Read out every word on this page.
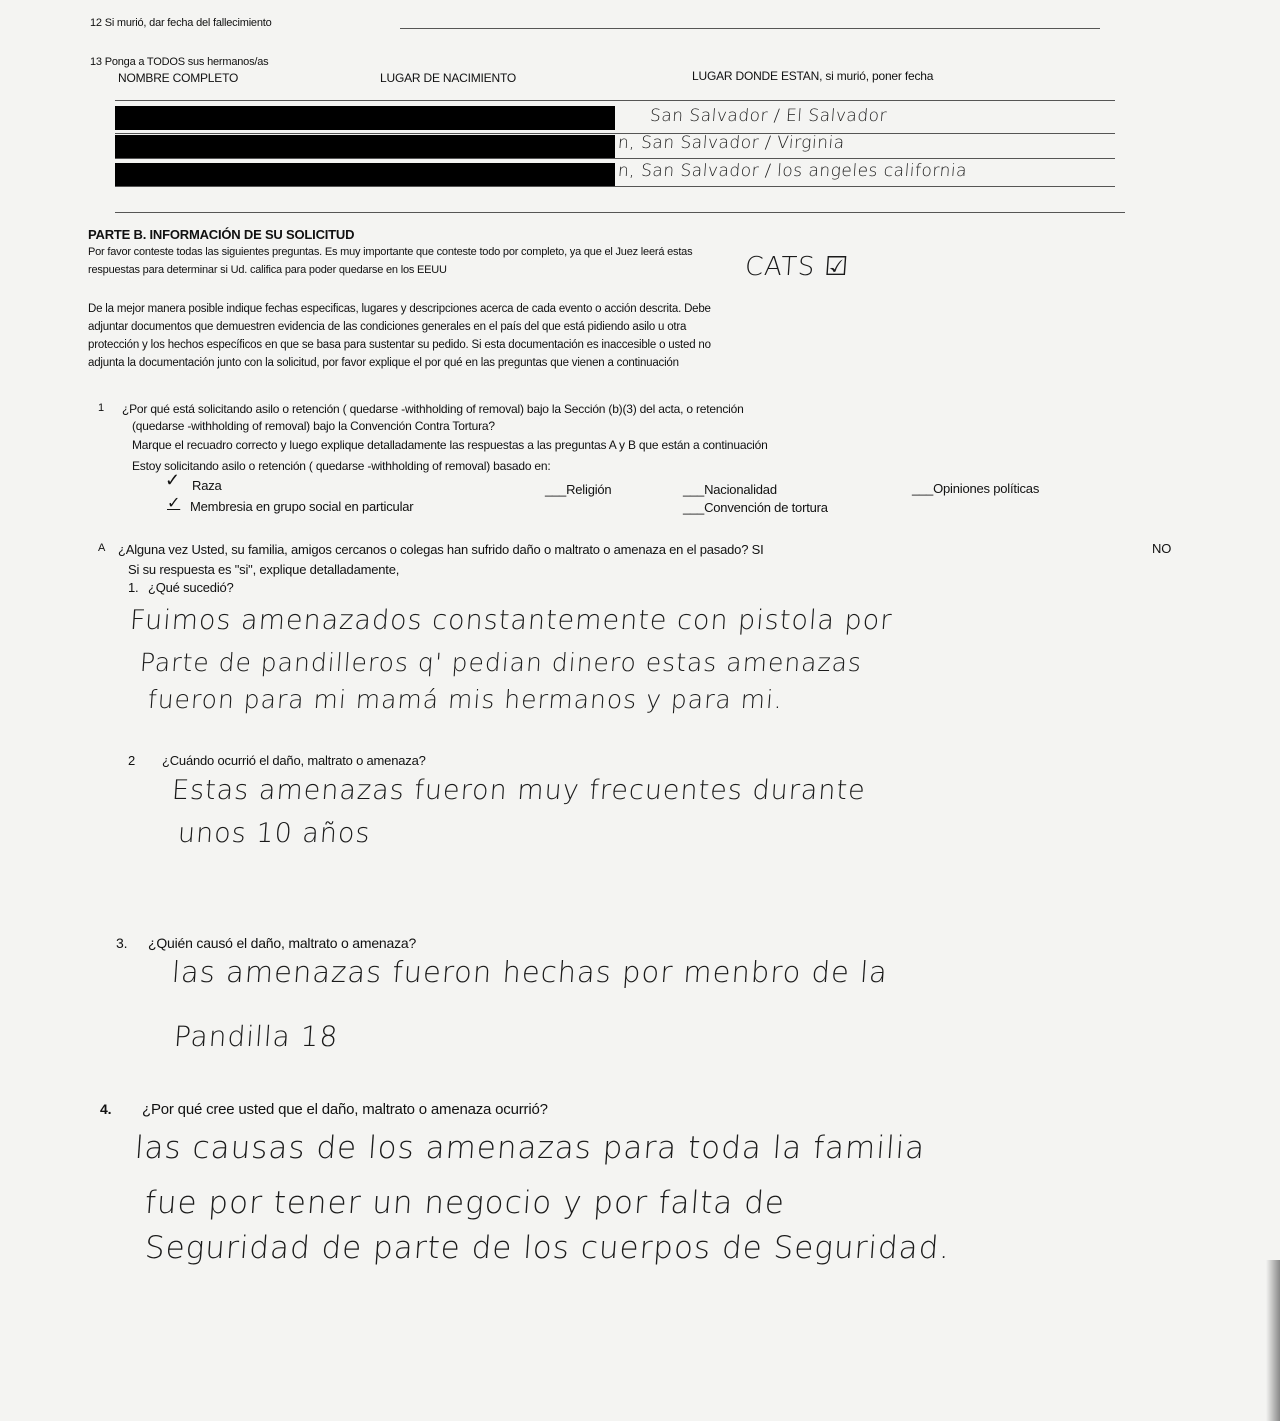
12 Si murió, dar fecha del fallecimiento
13 Ponga a TODOS sus hermanos/as
NOMBRE COMPLETO	LUGAR DE NACIMIENTO	LUGAR DONDE ESTAN, si murió, poner fecha
San Salvador / El Salvador
n, San Salvador / Virginia
n, San Salvador / los angeles california
PARTE B. INFORMACIÓN DE SU SOLICITUD
Por favor conteste todas las siguientes preguntas. Es muy importante que conteste todo por completo, ya que el Juez leerá estas
respuestas para determinar si Ud. califica para poder quedarse en los EEUU	CATS ☑
De la mejor manera posible indique fechas especificas, lugares y descripciones acerca de cada evento o acción descrita. Debe
adjuntar documentos que demuestren evidencia de las condiciones generales en el país del que está pidiendo asilo u otra
protección y los hechos específicos en que se basa para sustentar su pedido. Si esta documentación es inaccesible o usted no
adjunta la documentación junto con la solicitud, por favor explique el por qué en las preguntas que vienen a continuación
1 ¿Por qué está solicitando asilo o retención ( quedarse -withholding of removal) bajo la Sección (b)(3) del acta, o retención
(quedarse -withholding of removal) bajo la Convención Contra Tortura?
Marque el recuadro correcto y luego explique detalladamente las respuestas a las preguntas A y B que están a continuación
Estoy solicitando asilo o retención ( quedarse -withholding of removal) basado en:
✓ Raza	___Religión	___Nacionalidad	___Opiniones políticas
✓ Membresia en grupo social en particular	___Convención de tortura
A ¿Alguna vez Usted, su familia, amigos cercanos o colegas han sufrido daño o maltrato o amenaza en el pasado? SI	NO
Si su respuesta es "si", explique detalladamente,
1. ¿Qué sucedió?
Fuimos amenazados constantemente con pistola por
Parte de pandilleros q' pedian dinero estas amenazas
fueron para mi mamá mis hermanos y para mi.
2 ¿Cuándo ocurrió el daño, maltrato o amenaza?
Estas amenazas fueron muy frecuentes durante
unos 10 años
3. ¿Quién causó el daño, maltrato o amenaza?
las amenazas fueron hechas por menbro de la
Pandilla 18
4. ¿Por qué cree usted que el daño, maltrato o amenaza ocurrió?
las causas de los amenazas para toda la familia
fue por tener un negocio y por falta de
Seguridad de parte de los cuerpos de Seguridad.
